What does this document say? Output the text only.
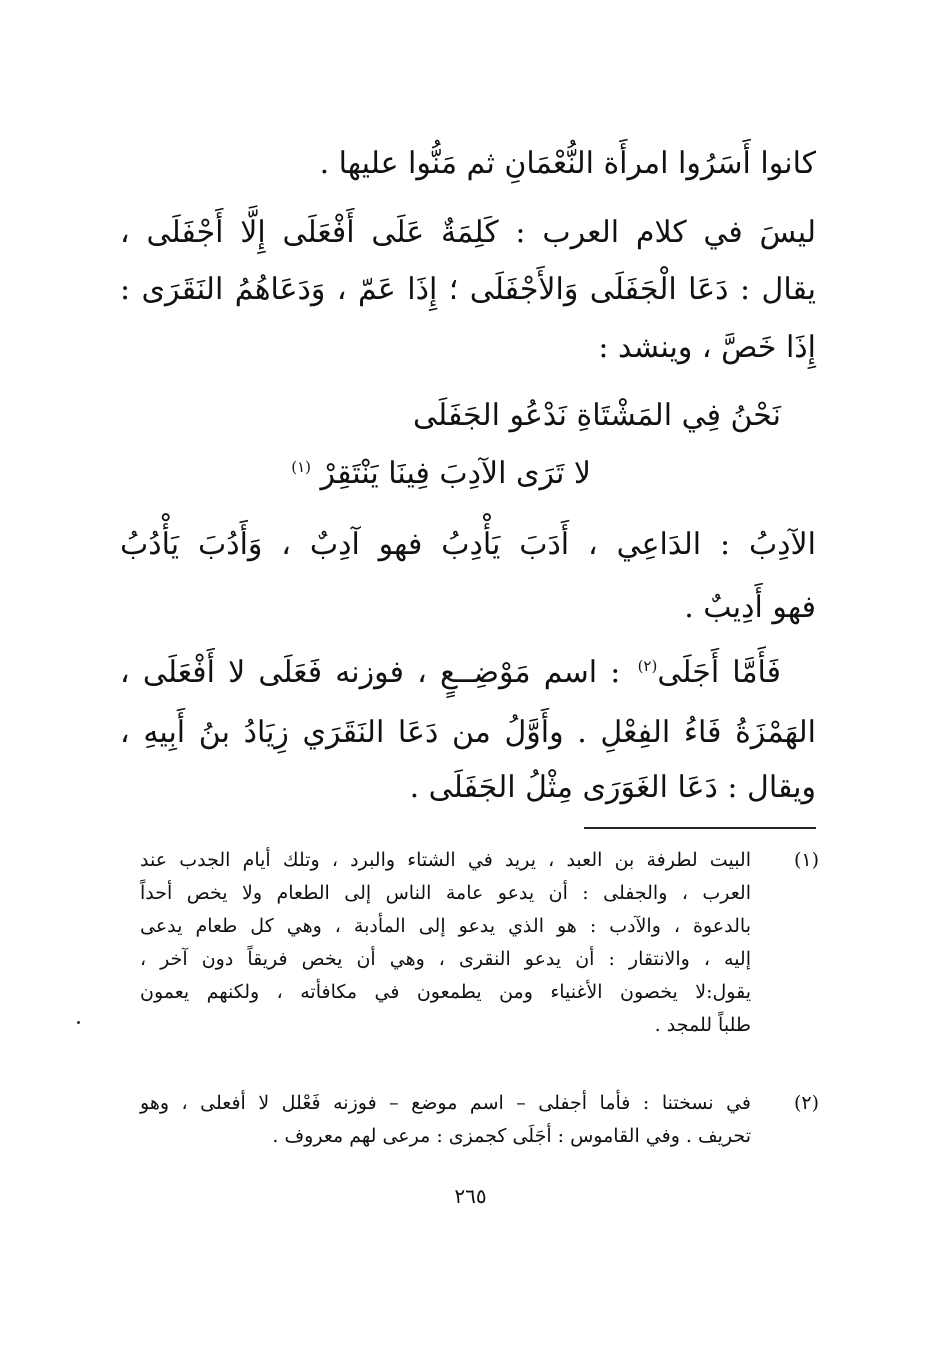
كانوا أَسَرُوا امرأَة النُّعْمَانِ ثم مَنُّوا عليها .
ليسَ في كلام العرب : كَلِمَةٌ عَلَى أَفْعَلَى إِلَّا أَجْفَلَى ،
يقال : دَعَا الْجَفَلَى وَالأَجْفَلَى ؛ إِذَا عَمّ ، وَدَعَاهُمُ النَقَرَى :
إِذَا خَصَّ ، وينشد :
نَحْنُ فِي المَشْتَاةِ نَدْعُو الجَفَلَى
لا تَرَى الآدِبَ فِينَا يَنْتَقِرْ $^{(١)}$
الآدِبُ : الدَاعِي ، أَدَبَ يَأْدِبُ فهو آدِبٌ ، وَأَدُبَ يَأْدُبُ
فهو أَدِيبٌ .
فَأَمَّا أَجَلَى$^{(٢)}$ : اسم مَوْضِــعٍ ، فوزنه فَعَلَى لا أَفْعَلَى ،
الهَمْزَةُ فَاءُ الفِعْلِ . وأَوَّلُ من دَعَا النَقَرَي زِيَادُ بنُ أَبِيهِ ،
ويقال : دَعَا الغَوَرَى مِثْلُ الجَفَلَى .
(١)
البيت لطرفة بن العبد ، يريد في الشتاء والبرد ، وتلك أيام الجدب عند
العرب ، والجفلى : أن يدعو عامة الناس إلى الطعام ولا يخص أحداً
بالدعوة ، والآدب : هو الذي يدعو إلى المأدبة ، وهي كل طعام يدعى
إليه ، والانتقار : أن يدعو النقرى ، وهي أن يخص فريقاً دون آخر ،
يقول:لا يخصون الأغنياء ومن يطمعون في مكافأته ، ولكنهم يعمون
طلباً للمجد .
(٢)
في نسختنا : فأما أجفلى – اسم موضع – فوزنه فَعْلل لا أفعلى ، وهو
تحريف . وفي القاموس : أجَلَى كجمزى : مرعى لهم معروف .
٢٦٥
